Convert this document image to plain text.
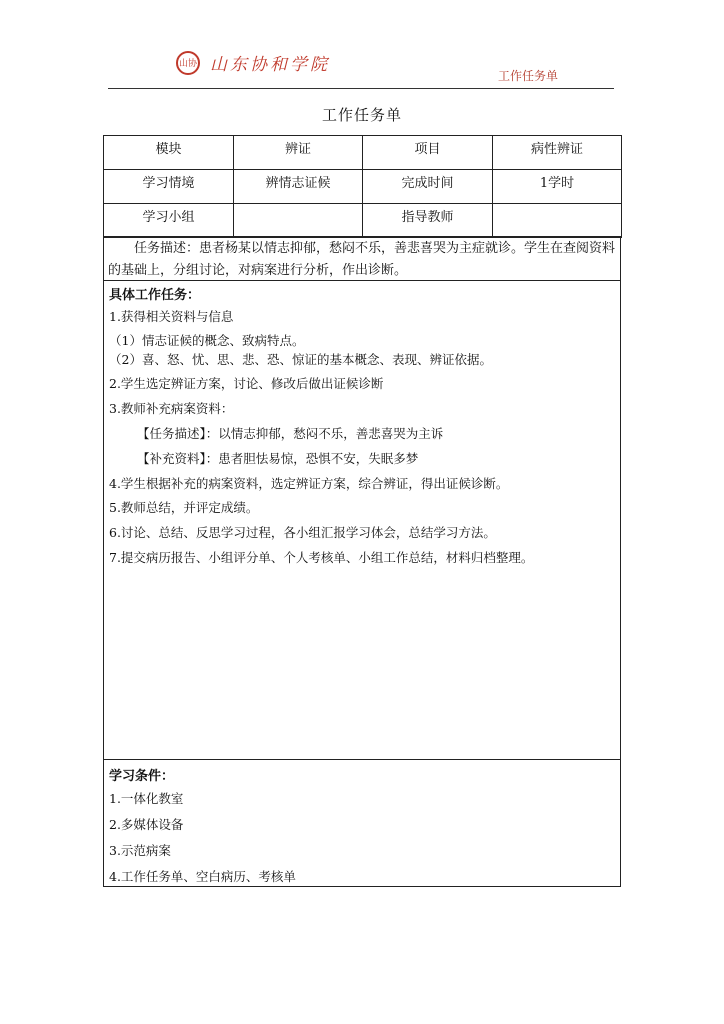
山协 山东协和学院
工作任务单
工作任务单
模块	辨证	项目	病性辨证
学习情境	辨情志证候	完成时间	1学时
学习小组		指导教师	
任务描述：患者杨某以情志抑郁，愁闷不乐，善悲喜哭为主症就诊。学生在查阅资料的基础上，分组讨论，对病案进行分析，作出诊断。
具体工作任务：
1.获得相关资料与信息
（1）情志证候的概念、致病特点。
（2）喜、怒、忧、思、悲、恐、惊证的基本概念、表现、辨证依据。
2.学生选定辨证方案，讨论、修改后做出证候诊断
3.教师补充病案资料：
【任务描述】：以情志抑郁，愁闷不乐，善悲喜哭为主诉
【补充资料】：患者胆怯易惊，恐惧不安，失眠多梦
4.学生根据补充的病案资料，选定辨证方案，综合辨证，得出证候诊断。
5.教师总结，并评定成绩。
6.讨论、总结、反思学习过程，各小组汇报学习体会，总结学习方法。
7.提交病历报告、小组评分单、个人考核单、小组工作总结，材料归档整理。
学习条件：
1.一体化教室
2.多媒体设备
3.示范病案
4.工作任务单、空白病历、考核单
